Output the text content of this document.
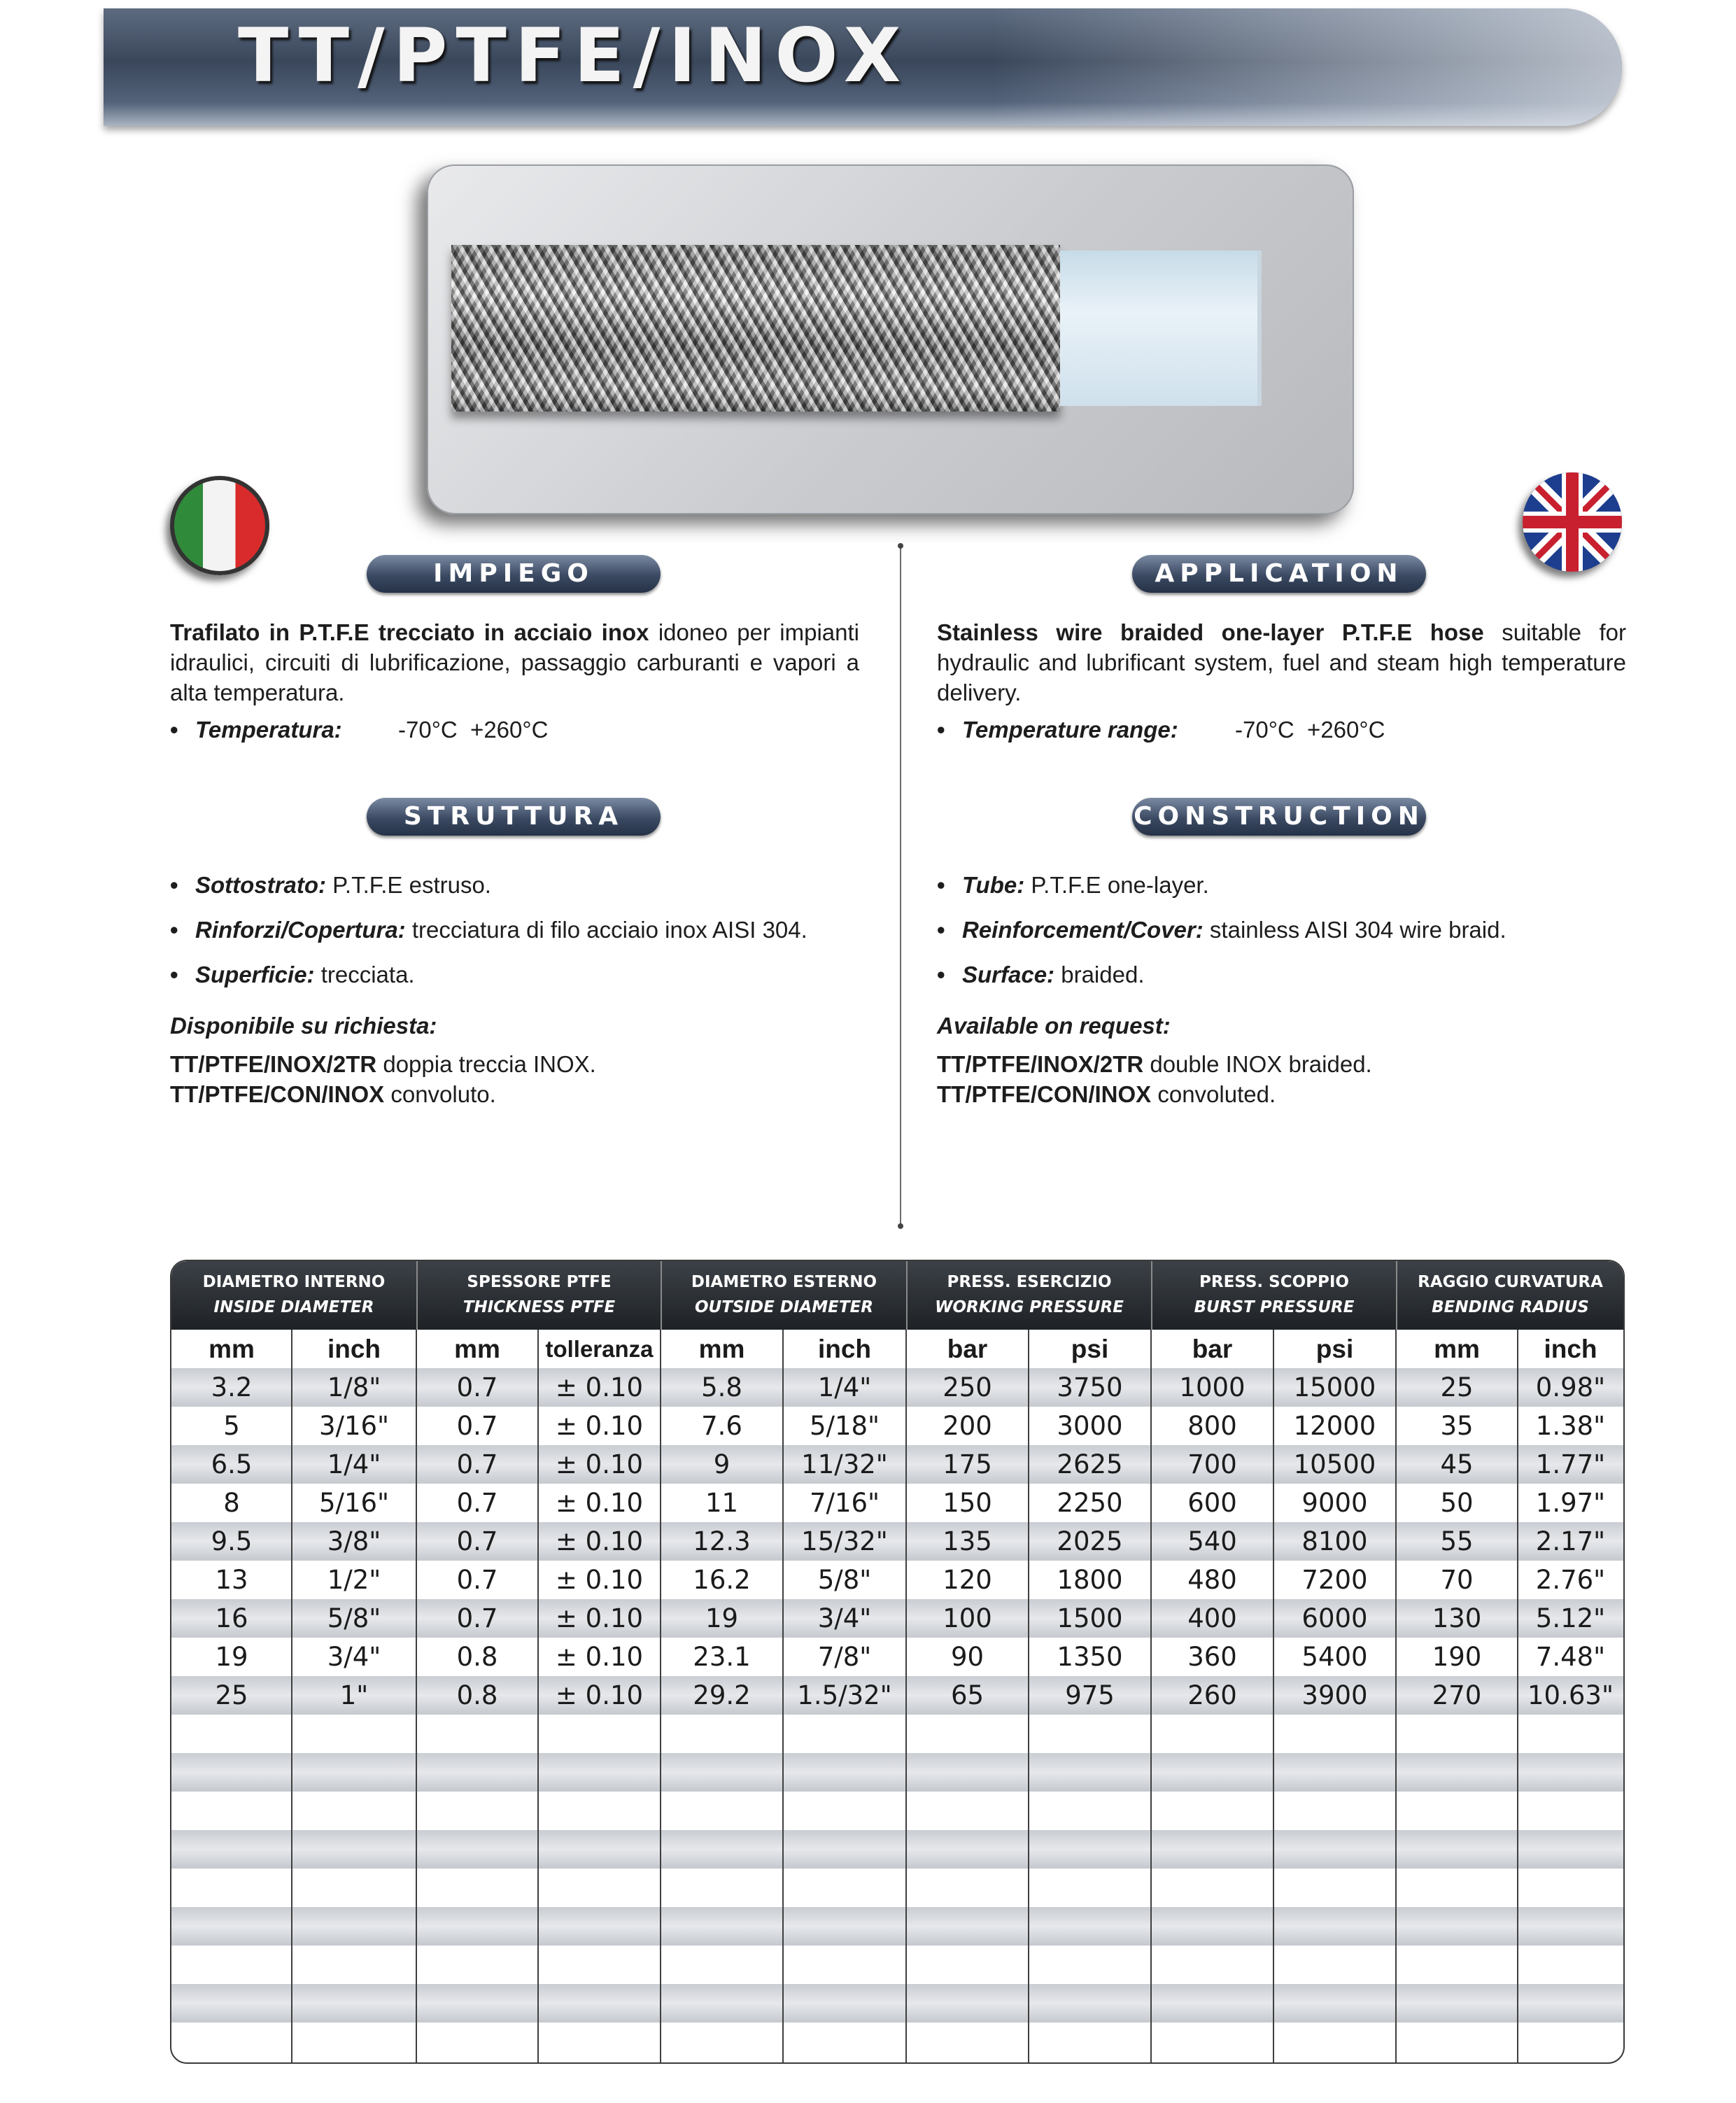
TT/PTFE/INOX
IMPIEGO	APPLICATION
STRUTTURA	CONSTRUCTION

Trafilato in P.T.F.E trecciato in acciaio inox idoneo per impianti idraulici, circuiti di lubrificazione, passaggio carburanti e vapori a alta temperatura.

• Temperatura:	-70°C  +260°C

Stainless wire braided one-layer P.T.F.E hose suitable for hydraulic and lubrificant system, fuel and steam high temperature delivery.

• Temperature range:	-70°C  +260°C
• Sottostrato: P.T.F.E estruso.
• Rinforzi/Copertura: trecciatura di filo acciaio inox AISI 304.
• Superficie: trecciata.

Disponibile su richiesta:

TT/PTFE/INOX/2TR doppia treccia INOX.

TT/PTFE/CON/INOX convoluto.

• Tube: P.T.F.E one-layer.
• Reinforcement/Cover: stainless AISI 304 wire braid.
• Surface: braided.

Available on request:

TT/PTFE/INOX/2TR double INOX braided.

TT/PTFE/CON/INOX convoluted.

DIAMETRO INTERNO
INSIDE DIAMETER
SPESSORE PTFE
THICKNESS PTFE
DIAMETRO ESTERNO
OUTSIDE DIAMETER
PRESS. ESERCIZIO
WORKING PRESSURE
PRESS. SCOPPIO
BURST PRESSURE
RAGGIO CURVATURA
BENDING RADIUS
mm	inch	mm	tolleranza	mm	inch	bar	psi	bar	psi	mm	inch
3.2	1/8"	0.7	± 0.10	5.8	1/4"	250	3750	1000	15000	25	0.98"
5	3/16"	0.7	± 0.10	7.6	5/18"	200	3000	800	12000	35	1.38"
6.5	1/4"	0.7	± 0.10	9	11/32"	175	2625	700	10500	45	1.77"
8	5/16"	0.7	± 0.10	11	7/16"	150	2250	600	9000	50	1.97"
9.5	3/8"	0.7	± 0.10	12.3	15/32"	135	2025	540	8100	55	2.17"
13	1/2"	0.7	± 0.10	16.2	5/8"	120	1800	480	7200	70	2.76"
16	5/8"	0.7	± 0.10	19	3/4"	100	1500	400	6000	130	5.12"
19	3/4"	0.8	± 0.10	23.1	7/8"	90	1350	360	5400	190	7.48"
25	1"	0.8	± 0.10	29.2	1.5/32"	65	975	260	3900	270	10.63"
